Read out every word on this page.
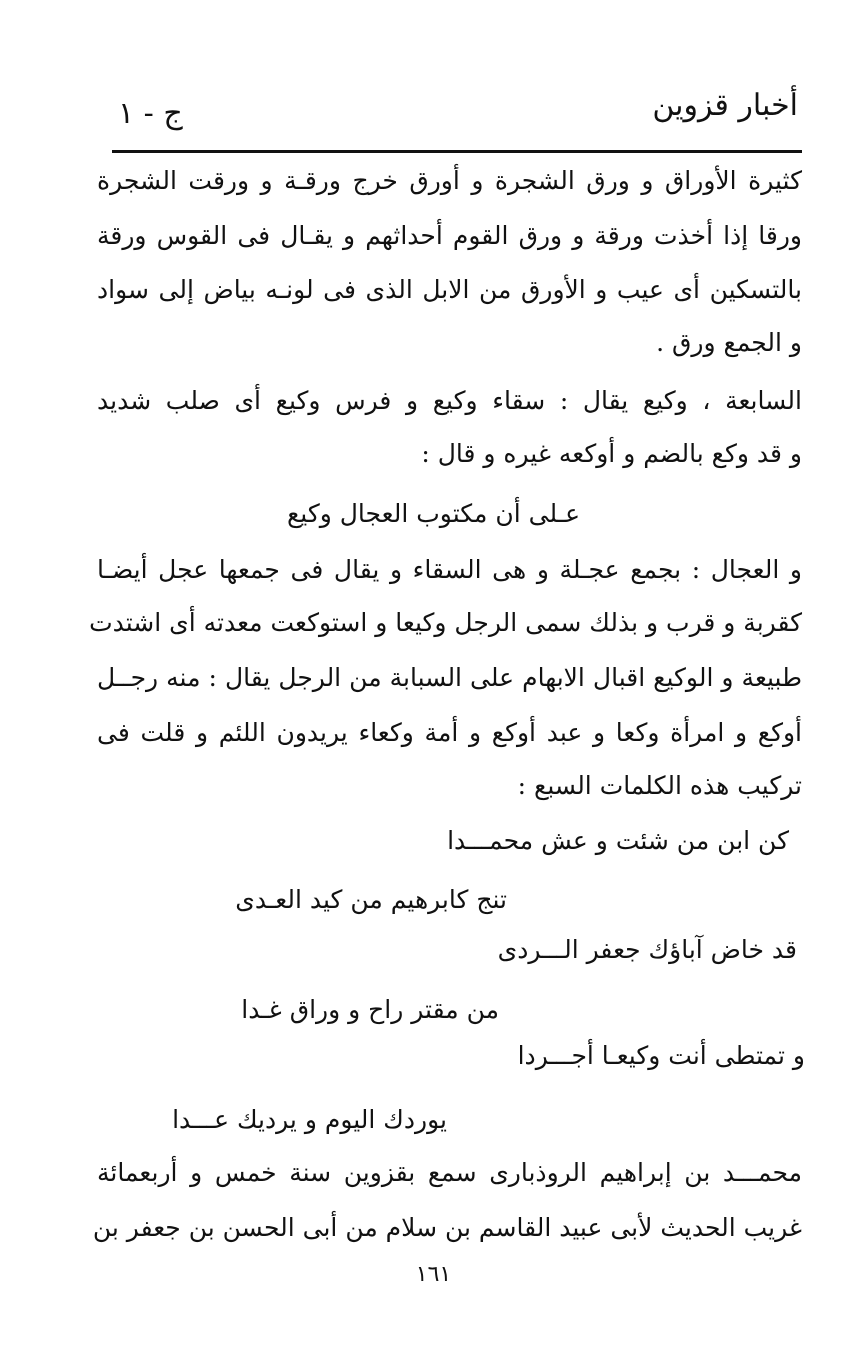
أخبار قزوين
ج - ١
كثيرة الأوراق و ورق الشجرة و أورق خرج ورقـة و ورقت الشجرة
ورقا إذا أخذت ورقة و ورق القوم أحداثهم و يقـال فى القوس ورقة
بالتسكين أى عيب و الأورق من الابل الذى فى لونـه بياض إلى سواد
و الجمع ورق .
السابعة ، وكيع يقال : سقاء وكيع و فرس وكيع أى صلب شديد
و قد وكع بالضم و أوكعه غيره و قال :
عـلى أن مكتوب العجال وكيع
و العجال : بجمع عجـلة و هى السقاء و يقال فى جمعها عجل أيضـا
كقربة و قرب و بذلك سمى الرجل وكيعا و استوكعت معدته أى اشتدت
طبيعة و الوكيع اقبال الابهام على السبابة من الرجل يقال : منه رجــل
أوكع و امرأة وكعا و عبد أوكع و أمة وكعاء يريدون اللئم و قلت فى
تركيب هذه الكلمات السبع :
كن ابن من شئت و عش محمـــدا
تنج كابرهيم من كيد العـدى
قد خاض آباؤك جعفر الـــردى
من مقتر راح و وراق غـدا
و تمتطى أنت وكيعـا أجـــردا
يوردك اليوم و يرديك عـــدا
محمـــد بن إبراهيم الروذبارى سمع بقزوين سنة خمس و أربعمائة
غريب الحديث لأبى عبيد القاسم بن سلام من أبى الحسن بن جعفر بن
١٦١
